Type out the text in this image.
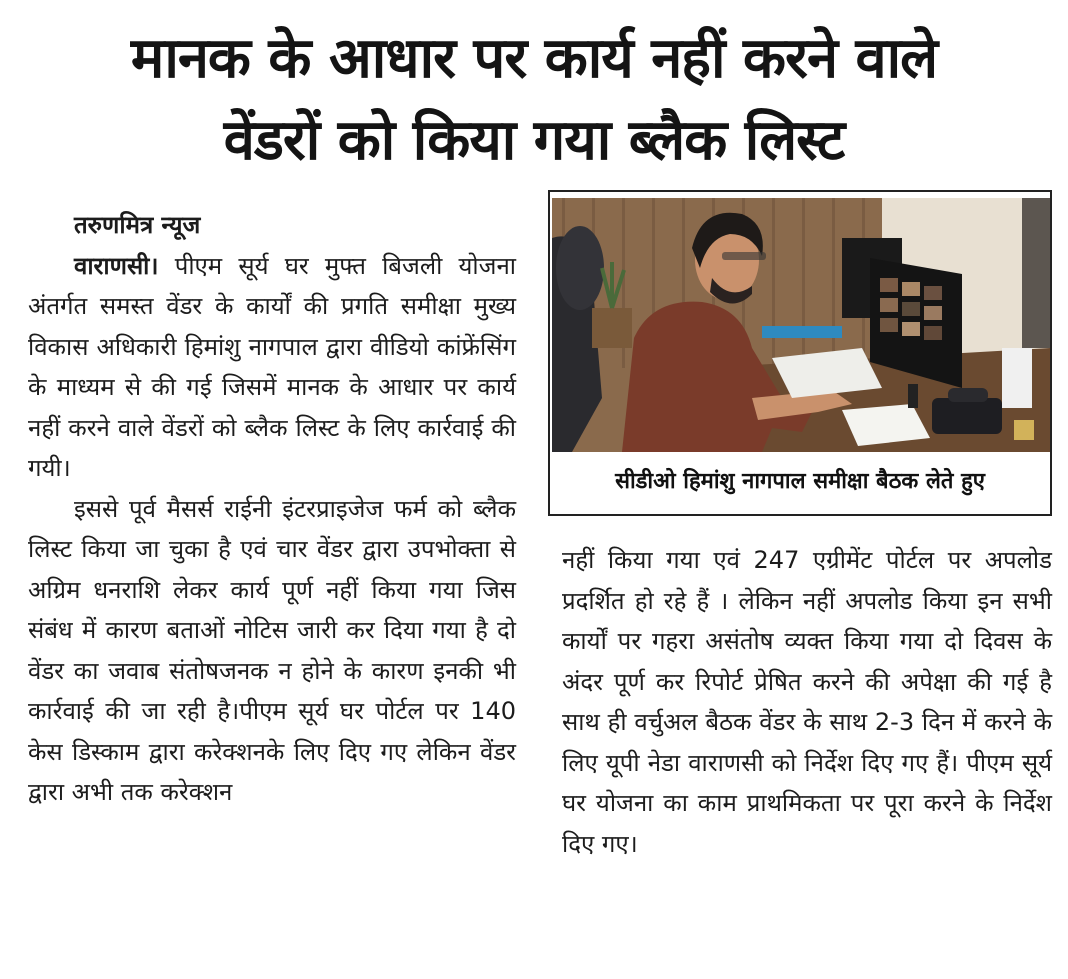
मानक के आधार पर कार्य नहीं करने वाले
वेंडरों को किया गया ब्लैक लिस्ट
तरुणमित्र न्यूज

वाराणसी। पीएम सूर्य घर मुफ्त बिजली योजना अंतर्गत समस्त वेंडर के कार्यों की प्रगति समीक्षा मुख्य विकास अधिकारी हिमांशु नागपाल द्वारा वीडियो कांफ्रेंसिंग के माध्यम से की गई जिसमें मानक के आधार पर कार्य नहीं करने वाले वेंडरों को ब्लैक लिस्ट के लिए कार्रवाई की गयी।

इससे पूर्व मैसर्स राईनी इंटरप्राइजेज फर्म को ब्लैक लिस्ट किया जा चुका है एवं चार वेंडर द्वारा उपभोक्ता से अग्रिम धनराशि लेकर कार्य पूर्ण नहीं किया गया जिस संबंध में कारण बताओं नोटिस जारी कर दिया गया है दो वेंडर का जवाब संतोषजनक न होने के कारण इनकी भी कार्रवाई की जा रही है।पीएम सूर्य घर पोर्टल पर 140 केस डिस्काम द्वारा करेक्शनके लिए दिए गए लेकिन वेंडर द्वारा अभी तक करेक्शन

सीडीओ हिमांशु नागपाल समीक्षा बैठक लेते हुए

नहीं किया गया एवं 247 एग्रीमेंट पोर्टल पर अपलोड प्रदर्शित हो रहे हैं । लेकिन नहीं अपलोड किया इन सभी कार्यों पर गहरा असंतोष व्यक्त किया गया दो दिवस के अंदर पूर्ण कर रिपोर्ट प्रेषित करने की अपेक्षा की गई है साथ ही वर्चुअल बैठक वेंडर के साथ 2-3 दिन में करने के लिए यूपी नेडा वाराणसी को निर्देश दिए गए हैं। पीएम सूर्य घर योजना का काम प्राथमिकता पर पूरा करने के निर्देश दिए गए।
